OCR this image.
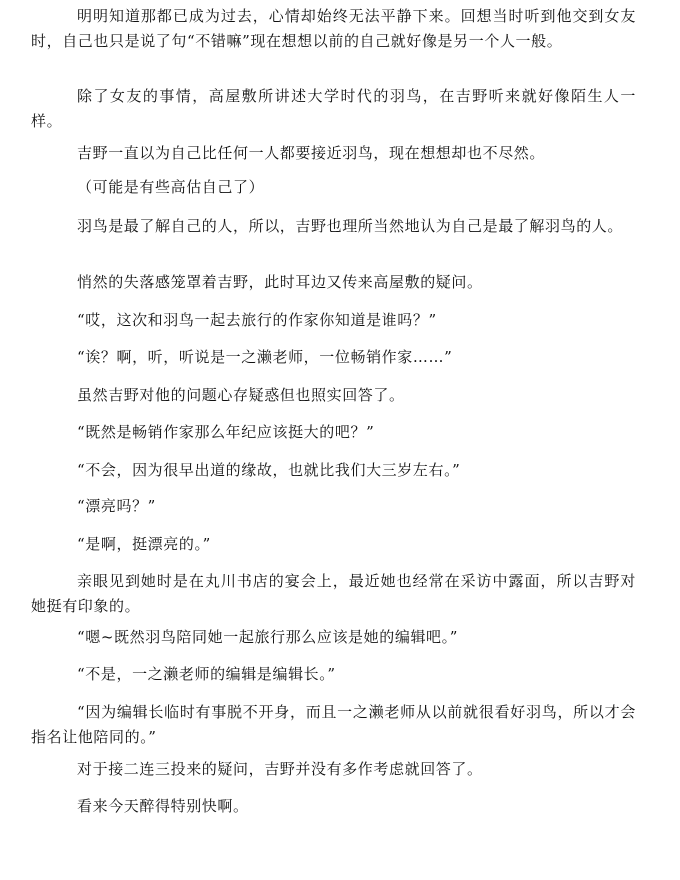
明明知道那都已成为过去，心情却始终无法平静下来。回想当时听到他交到女友时，自己也只是说了句“不错嘛”现在想想以前的自己就好像是另一个人一般。

除了女友的事情，高屋敷所讲述大学时代的羽鸟，在吉野听来就好像陌生人一样。

吉野一直以为自己比任何一人都要接近羽鸟，现在想想却也不尽然。

（可能是有些高估自己了）

羽鸟是最了解自己的人，所以，吉野也理所当然地认为自己是最了解羽鸟的人。

悄然的失落感笼罩着吉野，此时耳边又传来高屋敷的疑问。

“哎，这次和羽鸟一起去旅行的作家你知道是谁吗？”

“诶？啊，听，听说是一之濑老师，一位畅销作家……”

虽然吉野对他的问题心存疑惑但也照实回答了。

“既然是畅销作家那么年纪应该挺大的吧？”

“不会，因为很早出道的缘故，也就比我们大三岁左右。”

“漂亮吗？”

“是啊，挺漂亮的。”

亲眼见到她时是在丸川书店的宴会上，最近她也经常在采访中露面，所以吉野对她挺有印象的。

“嗯~既然羽鸟陪同她一起旅行那么应该是她的编辑吧。”

“不是，一之濑老师的编辑是编辑长。”

“因为编辑长临时有事脱不开身，而且一之濑老师从以前就很看好羽鸟，所以才会指名让他陪同的。”

对于接二连三投来的疑问，吉野并没有多作考虑就回答了。

看来今天醉得特别快啊。
